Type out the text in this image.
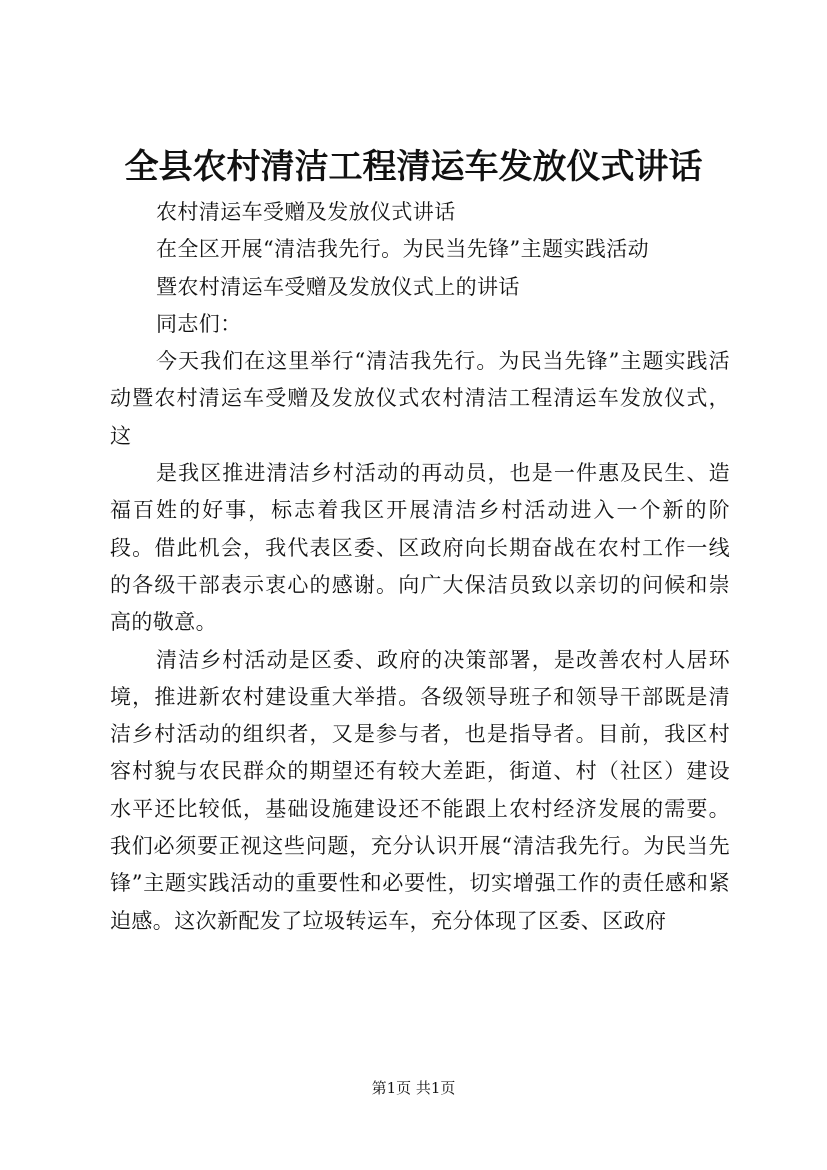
全县农村清洁工程清运车发放仪式讲话

农村清运车受赠及发放仪式讲话

在全区开展“清洁我先行。为民当先锋”主题实践活动

暨农村清运车受赠及发放仪式上的讲话

同志们：

今天我们在这里举行“清洁我先行。为民当先锋”主题实践活动暨农村清运车受赠及发放仪式农村清洁工程清运车发放仪式，这

是我区推进清洁乡村活动的再动员，也是一件惠及民生、造福百姓的好事，标志着我区开展清洁乡村活动进入一个新的阶段。借此机会，我代表区委、区政府向长期奋战在农村工作一线的各级干部表示衷心的感谢。向广大保洁员致以亲切的问候和崇高的敬意。

清洁乡村活动是区委、政府的决策部署，是改善农村人居环境，推进新农村建设重大举措。各级领导班子和领导干部既是清洁乡村活动的组织者，又是参与者，也是指导者。目前，我区村容村貌与农民群众的期望还有较大差距，街道、村（社区）建设水平还比较低，基础设施建设还不能跟上农村经济发展的需要。我们必须要正视这些问题，充分认识开展“清洁我先行。为民当先锋”主题实践活动的重要性和必要性，切实增强工作的责任感和紧迫感。这次新配发了垃圾转运车，充分体现了区委、区政府

第1页 共1页
